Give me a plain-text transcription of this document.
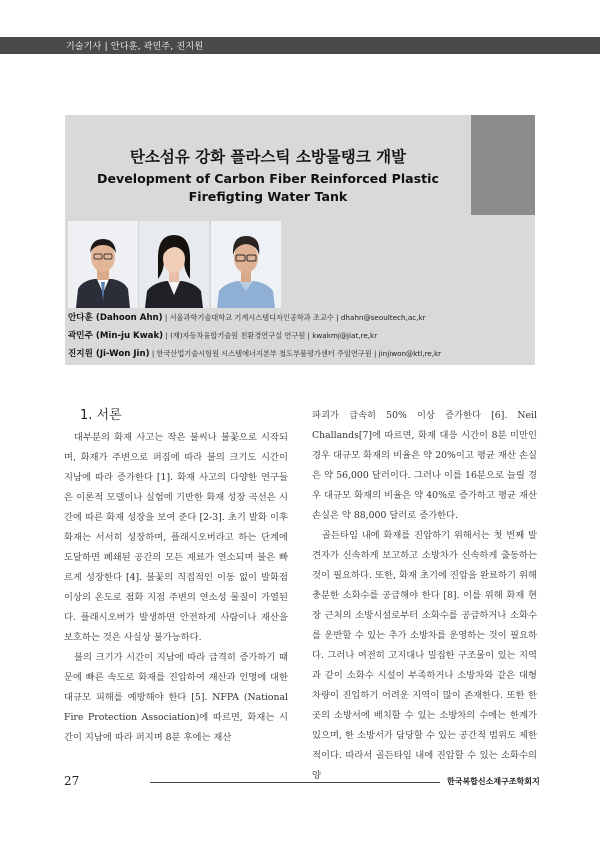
기술기사 | 안다훈, 곽민주, 진지원
탄소섬유 강화 플라스틱 소방물탱크 개발
Development of Carbon Fiber Reinforced Plastic
Firefigting Water Tank
안다훈 (Dahoon Ahn) | 서울과학기술대학교 기계시스템디자인공학과 조교수 | dhahn@seoultech,ac,kr
곽민주 (Min-ju Kwak) | (재)자동차융합기술원 친환경연구실 연구원 | kwakmj@jiat,re,kr
진지원 (Ji-Won Jin) | 한국산업기술시험원 시스템에너지본부 철도부품평가센터 주임연구원 | jinjiwon@ktl,re,kr
1. 서론

대부분의 화재 사고는 작은 불씨나 불꽃으로 시작되며, 화재가 주변으로 퍼짐에 따라 불의 크기도 시간이 지남에 따라 증가한다 [1]. 화재 사고의 다양한 연구들은 이론적 모델이나 실험에 기반한 화재 성장 곡선은 시간에 따른 화재 성장을 보여 준다 [2-3]. 초기 발화 이후 화재는 서서히 성장하며, 플래시오버라고 하는 단계에 도달하면 폐쇄된 공간의 모든 재료가 연소되며 불은 빠르게 성장한다 [4]. 불꽃의 직접적인 이동 없이 발화점 이상의 온도로 점화 지점 주변의 연소성 물질이 가열된다. 플래시오버가 발생하면 안전하게 사람이나 재산을 보호하는 것은 사실상 불가능하다.

불의 크기가 시간이 지남에 따라 급격히 증가하기 때문에 빠른 속도로 화재를 진압하여 재산과 인명에 대한 대규모 피해를 예방해야 한다 [5]. NFPA (National Fire Protection Association)에 따르면, 화재는 시간이 지남에 따라 퍼지며 8분 후에는 재산

파괴가 급속히 50% 이상 증가한다 [6]. Neil Challands[7]에 따르면, 화재 대응 시간이 8분 미만인 경우 대규모 화재의 비율은 약 20%이고 평균 재산 손실은 약 56,000 달러이다. 그러나 이를 16분으로 늘릴 경우 대규모 화재의 비율은 약 40%로 증가하고 평균 재산 손실은 약 88,000 달러로 증가한다.

골든타임 내에 화재를 진압하기 위해서는 첫 번째 발견자가 신속하게 보고하고 소방차가 신속하게 출동하는 것이 필요하다. 또한, 화재 초기에 진압을 완료하기 위해 충분한 소화수를 공급해야 한다 [8]. 이를 위해 화재 현장 근처의 소방시설로부터 소화수를 공급하거나 소화수를 운반할 수 있는 추가 소방차를 운영하는 것이 필요하다. 그러나 여전히 고지대나 밀집한 구조물이 있는 지역과 같이 소화수 시설이 부족하거나 소방차와 같은 대형 차량이 진입하기 어려운 지역이 많이 존재한다. 또한 한 곳의 소방서에 배치할 수 있는 소방차의 수에는 한계가 있으며, 한 소방서가 담당할 수 있는 공간적 범위도 제한적이다. 따라서 골든타임 내에 진압할 수 있는 소화수의 양

27	한국복합신소재구조학회지
